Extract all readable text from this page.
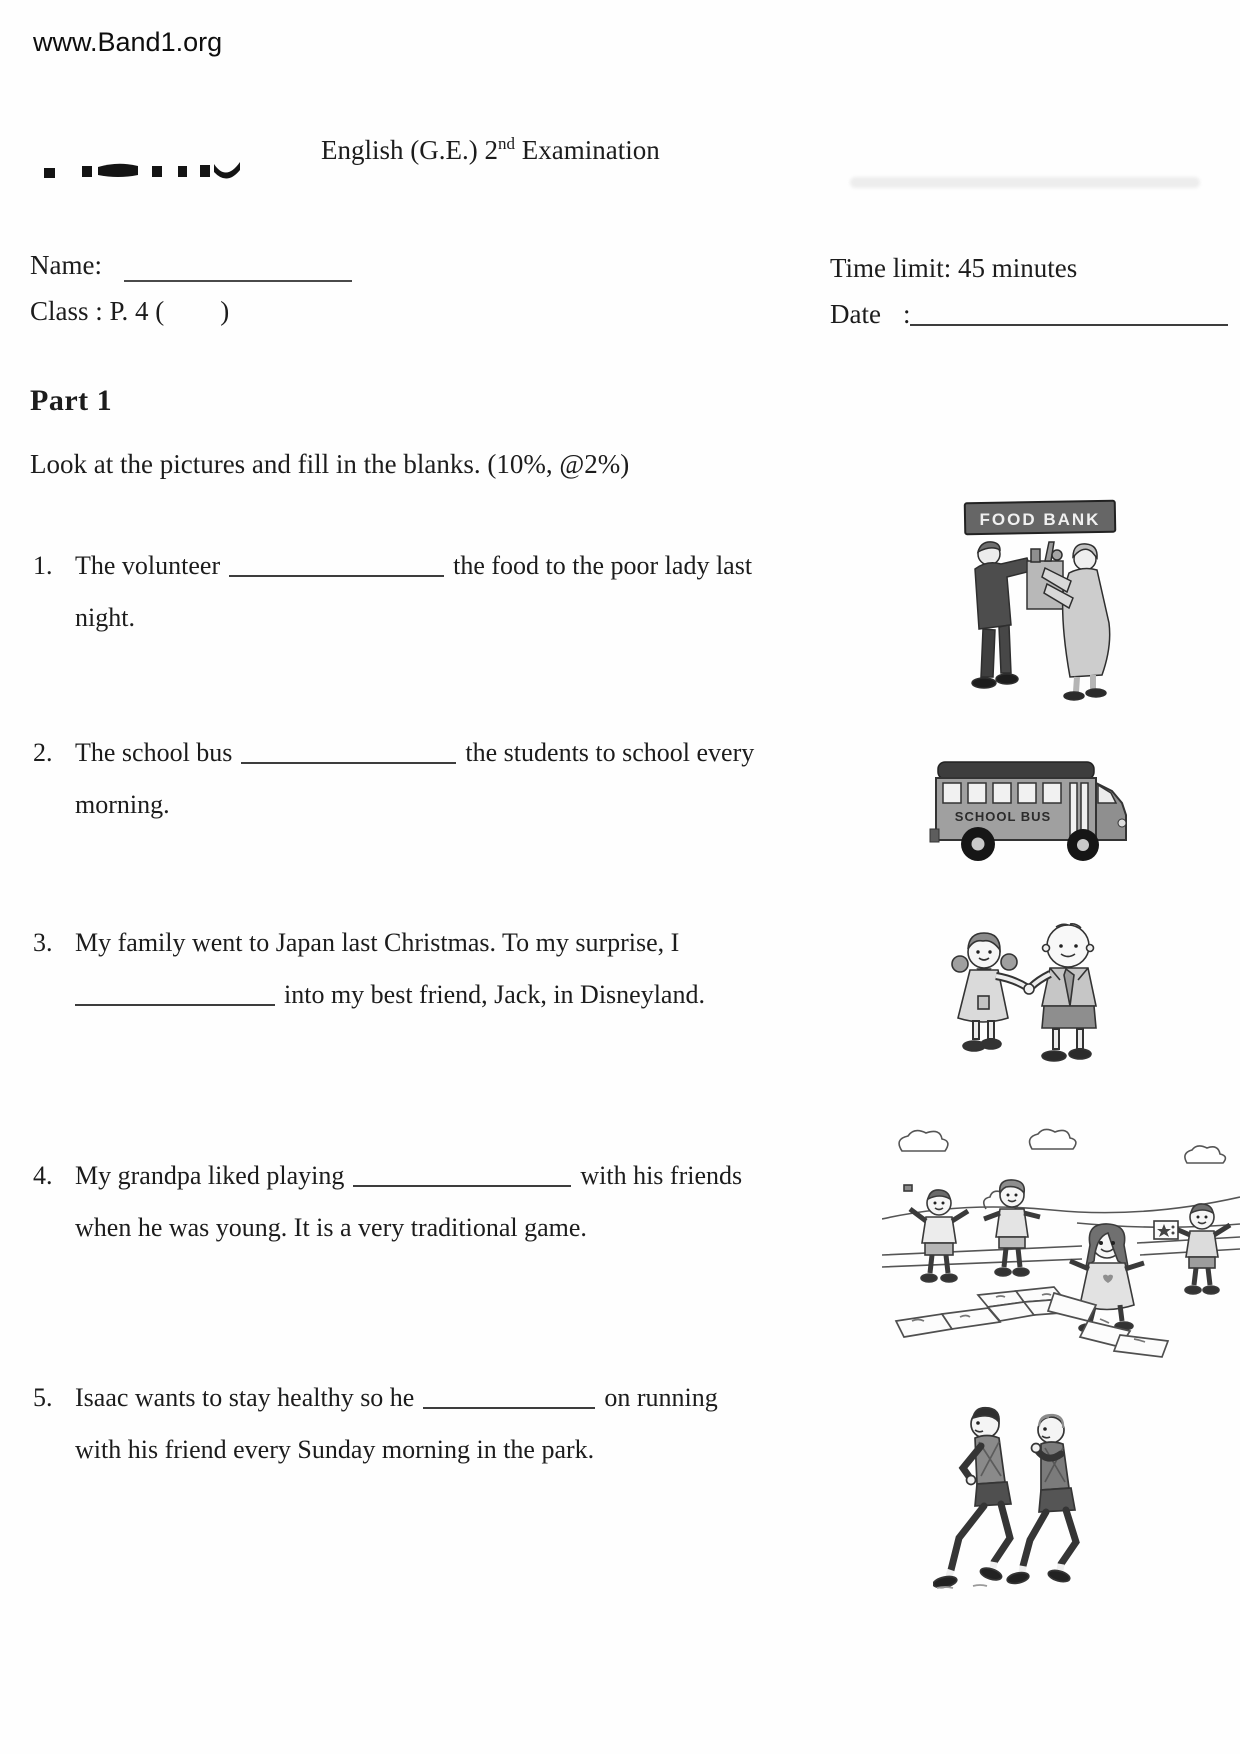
www.Band1.org
English (G.E.) 2nd Examination
Name:
Class : P. 4 ( )
Time limit: 45 minutes
Date :
Part 1
Look at the pictures and fill in the blanks. (10%, @2%)
1. The volunteer	the food to the poor lady last
night.
2. The school bus	the students to school every
morning.
3. My family went to Japan last Christmas. To my surprise, I
into my best friend, Jack, in Disneyland.
4. My grandpa liked playing	with his friends
when he was young. It is a very traditional game.
5. Isaac wants to stay healthy so he	on running
with his friend every Sunday morning in the park.
FOOD BANK
SCHOOL BUS
